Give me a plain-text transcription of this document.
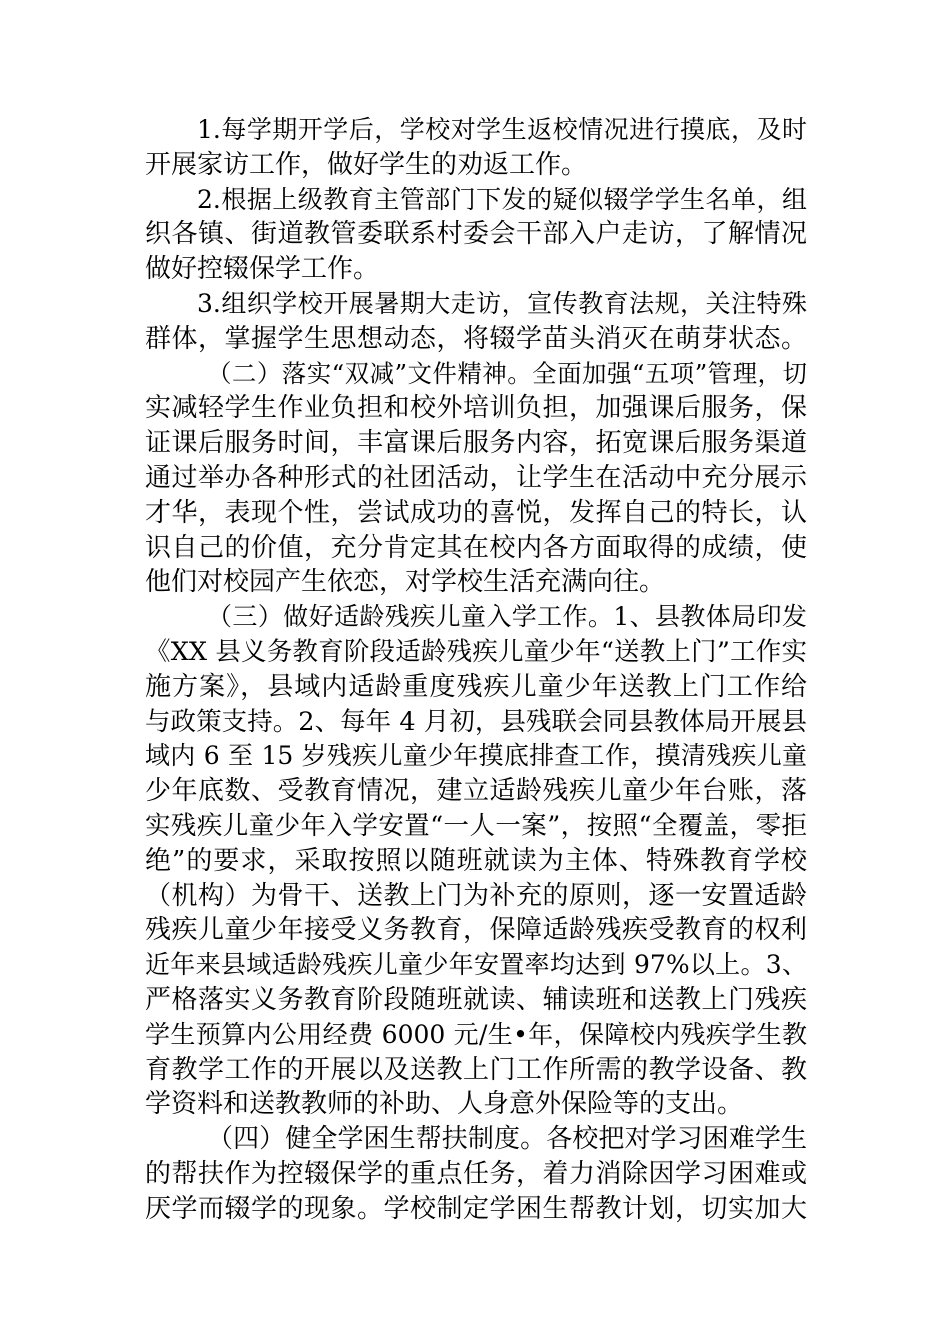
1.每学期开学后，学校对学生返校情况进行摸底，及时
开展家访工作，做好学生的劝返工作。
2.根据上级教育主管部门下发的疑似辍学学生名单，组
织各镇、街道教管委联系村委会干部入户走访，了解情况
做好控辍保学工作。
3.组织学校开展暑期大走访，宣传教育法规，关注特殊
群体，掌握学生思想动态，将辍学苗头消灭在萌芽状态。
（二）落实“双减”文件精神。全面加强“五项”管理，切
实减轻学生作业负担和校外培训负担，加强课后服务，保
证课后服务时间，丰富课后服务内容，拓宽课后服务渠道
通过举办各种形式的社团活动，让学生在活动中充分展示
才华，表现个性，尝试成功的喜悦，发挥自己的特长，认
识自己的价值，充分肯定其在校内各方面取得的成绩，使
他们对校园产生依恋，对学校生活充满向往。
（三）做好适龄残疾儿童入学工作。1、县教体局印发
《XX 县义务教育阶段适龄残疾儿童少年“送教上门”工作实
施方案》，县域内适龄重度残疾儿童少年送教上门工作给
与政策支持。2、每年 4 月初，县残联会同县教体局开展县
域内 6 至 15 岁残疾儿童少年摸底排查工作，摸清残疾儿童
少年底数、受教育情况，建立适龄残疾儿童少年台账，落
实残疾儿童少年入学安置“一人一案”，按照“全覆盖，零拒
绝”的要求，采取按照以随班就读为主体、特殊教育学校
（机构）为骨干、送教上门为补充的原则，逐一安置适龄
残疾儿童少年接受义务教育，保障适龄残疾受教育的权利
近年来县域适龄残疾儿童少年安置率均达到 97%以上。3、
严格落实义务教育阶段随班就读、辅读班和送教上门残疾
学生预算内公用经费 6000 元/生•年，保障校内残疾学生教
育教学工作的开展以及送教上门工作所需的教学设备、教
学资料和送教教师的补助、人身意外保险等的支出。
（四）健全学困生帮扶制度。各校把对学习困难学生
的帮扶作为控辍保学的重点任务，着力消除因学习困难或
厌学而辍学的现象。学校制定学困生帮教计划，切实加大
